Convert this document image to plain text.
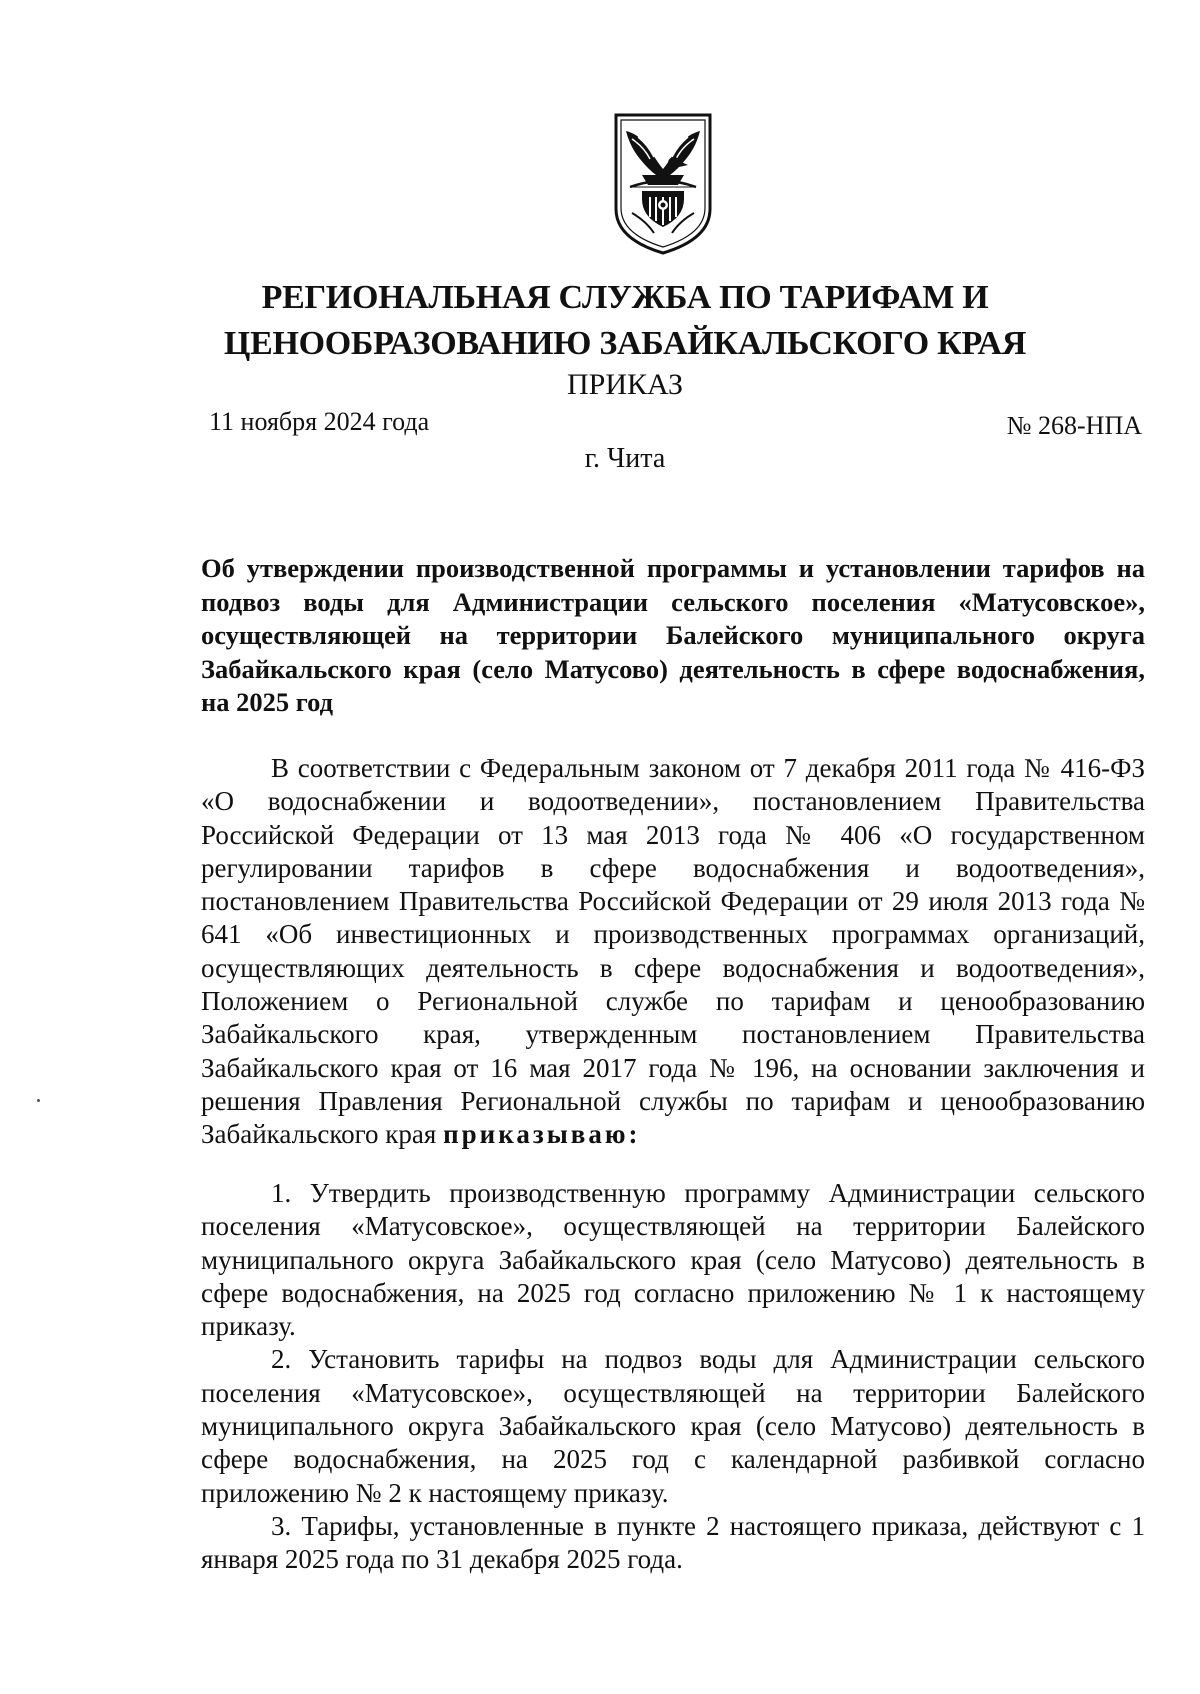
РЕГИОНАЛЬНАЯ СЛУЖБА ПО ТАРИФАМ И
ЦЕНООБРАЗОВАНИЮ ЗАБАЙКАЛЬСКОГО КРАЯ
ПРИКАЗ
11 ноября 2024 года	№ 268-НПА
г. Чита
Об утверждении производственной программы и установлении тарифов на подвоз воды для Администрации сельского поселения «Матусовское», осуществляющей на территории Балейского муниципального округа Забайкальского края (село Матусово) деятельность в сфере водоснабжения, на 2025 год

В соответствии с Федеральным законом от 7 декабря 2011 года № 416-ФЗ «О водоснабжении и водоотведении», постановлением Правительства Российской Федерации от 13 мая 2013 года № 406 «О государственном регулировании тарифов в сфере водоснабжения и водоотведения», постановлением Правительства Российской Федерации от 29 июля 2013 года № 641 «Об инвестиционных и производственных программах организаций, осуществляющих деятельность в сфере водоснабжения и водоотведения», Положением о Региональной службе по тарифам и ценообразованию Забайкальского края, утвержденным постановлением Правительства Забайкальского края от 16 мая 2017 года № 196, на основании заключения и решения Правления Региональной службы по тарифам и ценообразованию Забайкальского края приказываю:

1. Утвердить производственную программу Администрации сельского поселения «Матусовское», осуществляющей на территории Балейского муниципального округа Забайкальского края (село Матусово) деятельность в сфере водоснабжения, на 2025 год согласно приложению № 1 к настоящему приказу.

2. Установить тарифы на подвоз воды для Администрации сельского поселения «Матусовское», осуществляющей на территории Балейского муниципального округа Забайкальского края (село Матусово) деятельность в сфере водоснабжения, на 2025 год с календарной разбивкой согласно приложению № 2 к настоящему приказу.

3. Тарифы, установленные в пункте 2 настоящего приказа, действуют с 1 января 2025 года по 31 декабря 2025 года.
